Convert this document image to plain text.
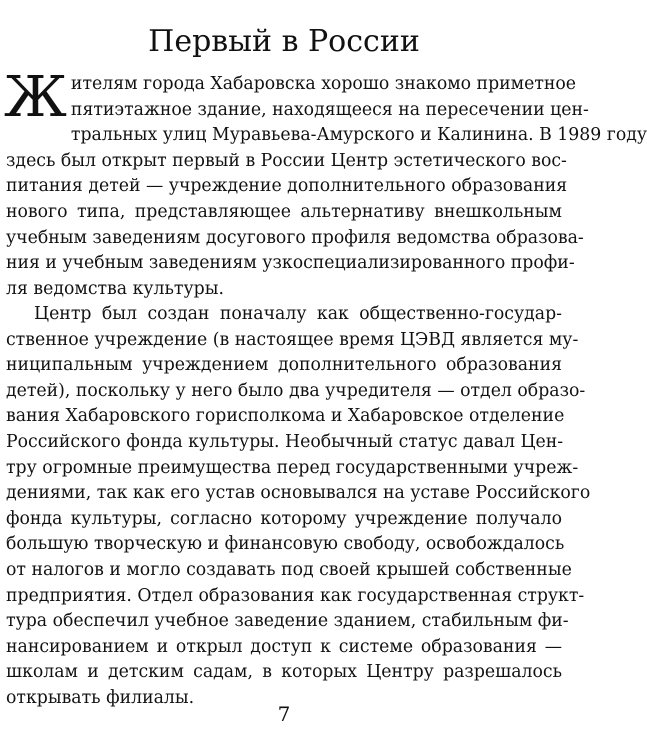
Первый в России
Ж ителям города Хабаровска хорошо знакомо приметное
пятиэтажное здание, находящееся на пересечении цен-
тральных улиц Муравьева-Амурского и Калинина. В 1989 году
здесь был открыт первый в России Центр эстетического вос-
питания детей — учреждение дополнительного образования
нового типа, представляющее альтернативу внешкольным
учебным заведениям досугового профиля ведомства образова-
ния и учебным заведениям узкоспециализированного профи-
ля ведомства культуры.
Центр был создан поначалу как общественно-государ-
ственное учреждение (в настоящее время ЦЭВД является му-
ниципальным учреждением дополнительного образования
детей), поскольку у него было два учредителя — отдел образо-
вания Хабаровского горисполкома и Хабаровское отделение
Российского фонда культуры. Необычный статус давал Цен-
тру огромные преимущества перед государственными учреж-
дениями, так как его устав основывался на уставе Российского
фонда культуры, согласно которому учреждение получало
большую творческую и финансовую свободу, освобождалось
от налогов и могло создавать под своей крышей собственные
предприятия. Отдел образования как государственная структ-
тура обеспечил учебное заведение зданием, стабильным фи-
нансированием и открыл доступ к системе образования —
школам и детским садам, в которых Центру разрешалось
открывать филиалы.
7
